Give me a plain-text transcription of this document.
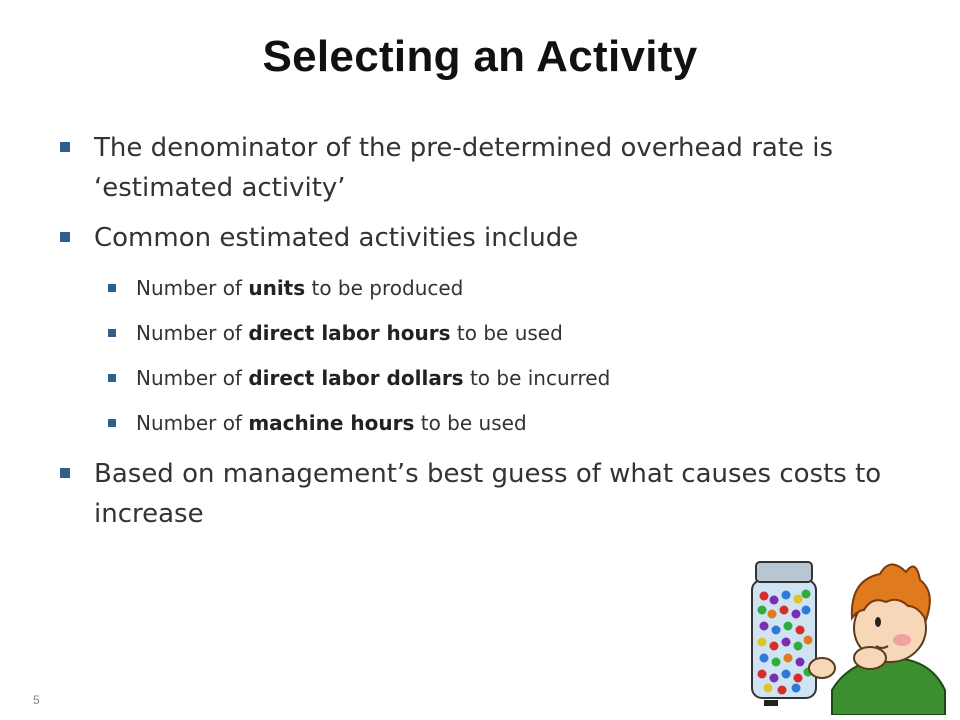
Selecting an Activity
The denominator of the pre-determined overhead rate is ‘estimated activity’
Common estimated activities include
Number of units to be produced
Number of direct labor hours to be used
Number of direct labor dollars to be incurred
Number of machine hours to be used
Based on management’s best guess of what causes costs to increase
5
